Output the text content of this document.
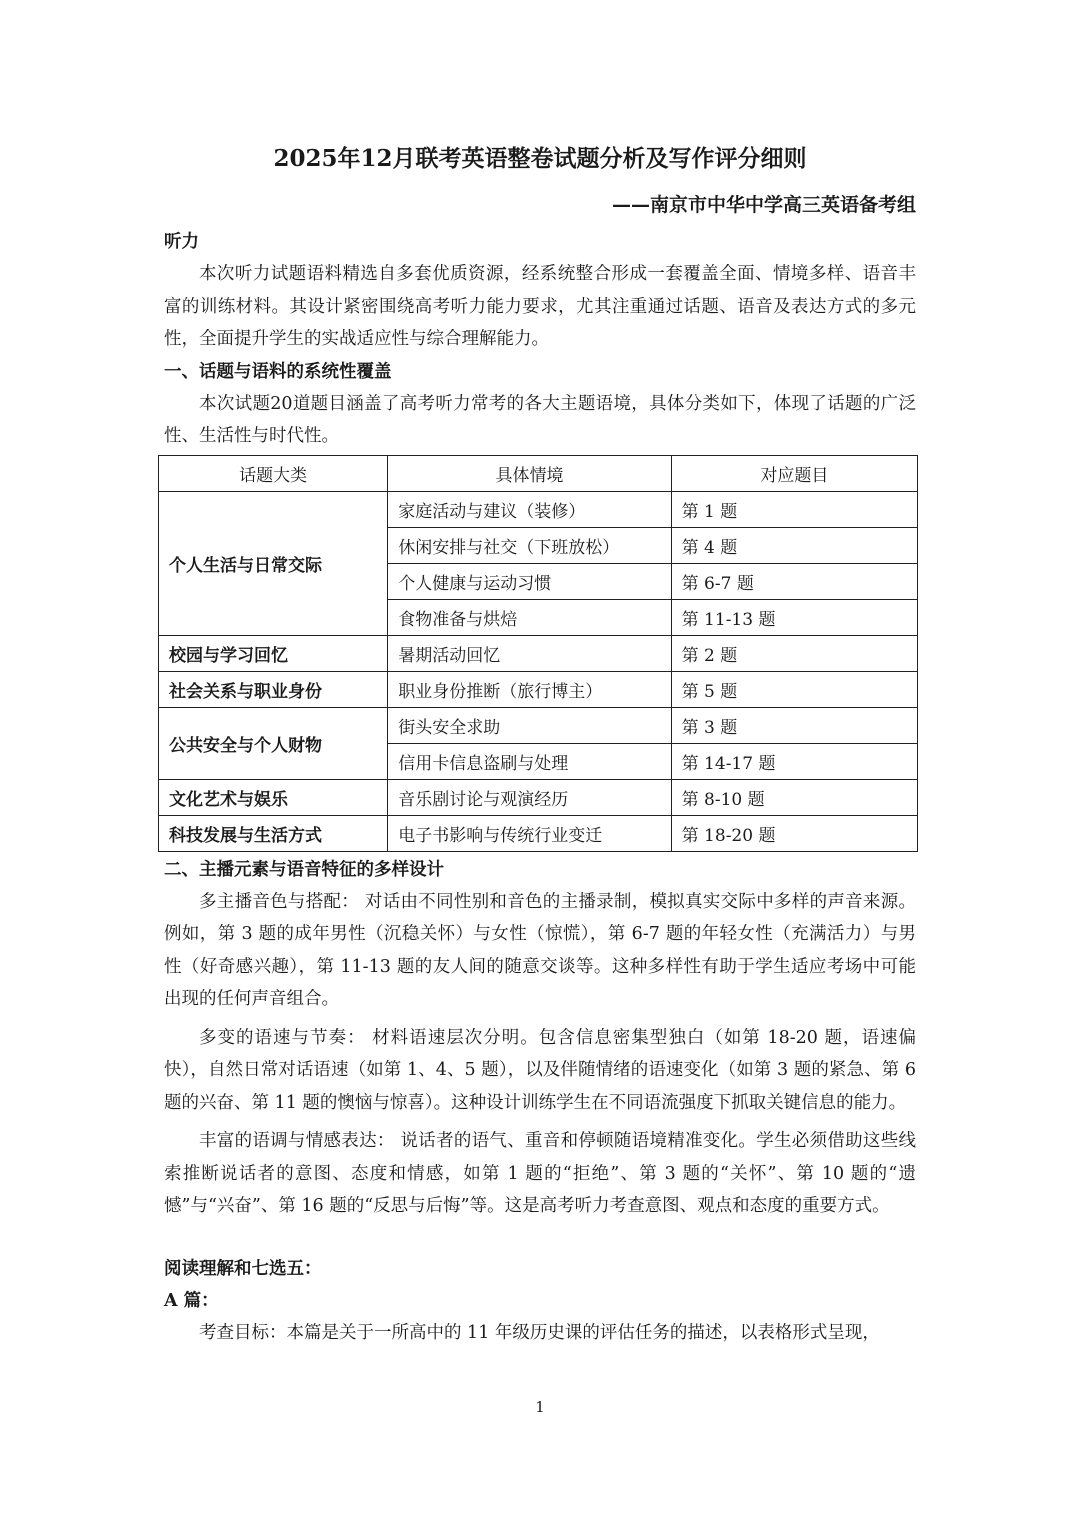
2025年12月联考英语整卷试题分析及写作评分细则
——南京市中华中学高三英语备考组
听力

本次听力试题语料精选自多套优质资源，经系统整合形成一套覆盖全面、情境多样、语音丰富的训练材料。其设计紧密围绕高考听力能力要求，尤其注重通过话题、语音及表达方式的多元性，全面提升学生的实战适应性与综合理解能力。

一、话题与语料的系统性覆盖

本次试题20道题目涵盖了高考听力常考的各大主题语境，具体分类如下，体现了话题的广泛性、生活性与时代性。

话题大类	具体情境	对应题目
个人生活与日常交际	家庭活动与建议（装修）	第 1 题
	休闲安排与社交（下班放松）	第 4 题
	个人健康与运动习惯	第 6-7 题
	食物准备与烘焙	第 11-13 题
校园与学习回忆	暑期活动回忆	第 2 题
社会关系与职业身份	职业身份推断（旅行博主）	第 5 题
公共安全与个人财物	街头安全求助	第 3 题
	信用卡信息盗刷与处理	第 14-17 题
文化艺术与娱乐	音乐剧讨论与观演经历	第 8-10 题
科技发展与生活方式	电子书影响与传统行业变迁	第 18-20 题
二、主播元素与语音特征的多样设计

多主播音色与搭配： 对话由不同性别和音色的主播录制，模拟真实交际中多样的声音来源。例如，第 3 题的成年男性（沉稳关怀）与女性（惊慌），第 6-7 题的年轻女性（充满活力）与男性（好奇感兴趣），第 11-13 题的友人间的随意交谈等。这种多样性有助于学生适应考场中可能出现的任何声音组合。

多变的语速与节奏： 材料语速层次分明。包含信息密集型独白（如第 18-20 题，语速偏快），自然日常对话语速（如第 1、4、5 题），以及伴随情绪的语速变化（如第 3 题的紧急、第 6 题的兴奋、第 11 题的懊恼与惊喜）。这种设计训练学生在不同语流强度下抓取关键信息的能力。

丰富的语调与情感表达： 说话者的语气、重音和停顿随语境精准变化。学生必须借助这些线索推断说话者的意图、态度和情感，如第 1 题的“拒绝”、第 3 题的“关怀”、第 10 题的“遗憾”与“兴奋”、第 16 题的“反思与后悔”等。这是高考听力考查意图、观点和态度的重要方式。

阅读理解和七选五：
A 篇：

考查目标：本篇是关于一所高中的 11 年级历史课的评估任务的描述，以表格形式呈现，

1
